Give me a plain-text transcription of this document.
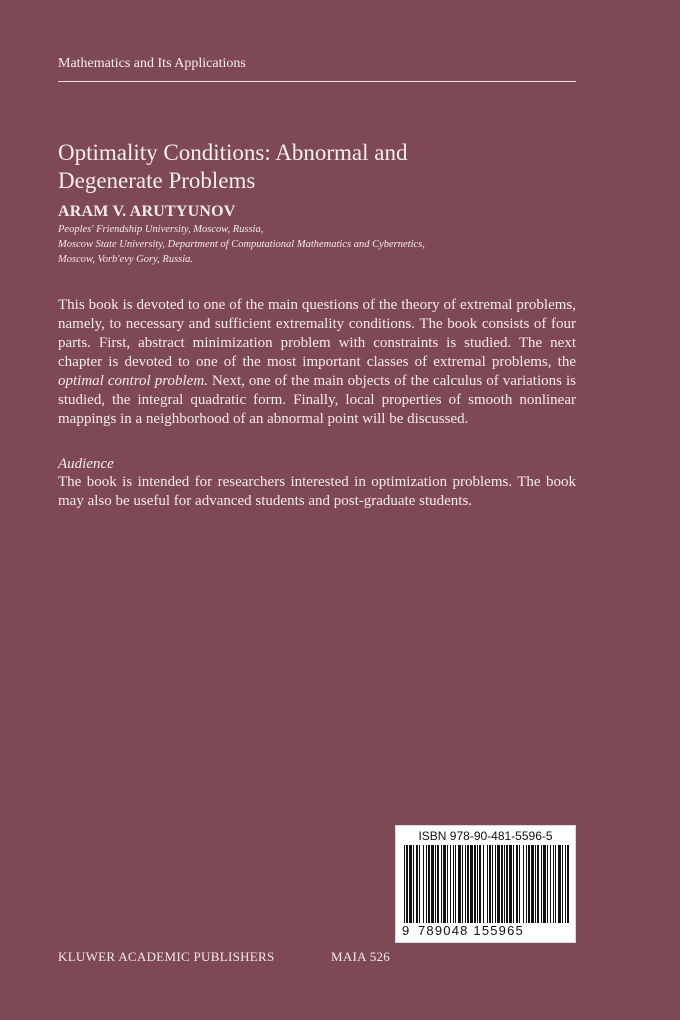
Mathematics and Its Applications
Optimality Conditions: Abnormal and
Degenerate Problems
ARAM V. ARUTYUNOV
Peoples' Friendship University, Moscow, Russia,
Moscow State University, Department of Computational Mathematics and Cybernetics,
Moscow, Vorb'evy Gory, Russia.

This book is devoted to one of the main questions of the theory of extremal problems, namely, to necessary and sufficient extremality conditions. The book consists of four parts. First, abstract minimization problem with constraints is studied. The next chapter is devoted to one of the most important classes of extremal problems, the optimal control problem. Next, one of the main objects of the calculus of variations is studied, the integral quadratic form. Finally, local properties of smooth nonlinear mappings in a neighborhood of an abnormal point will be discussed.

Audience
The book is intended for researchers interested in optimization problems. The book may also be useful for advanced students and post-graduate students.
ISBN 978-90-481-5596-5
9 789048 155965
KLUWER ACADEMIC PUBLISHERS	MAIA 526
